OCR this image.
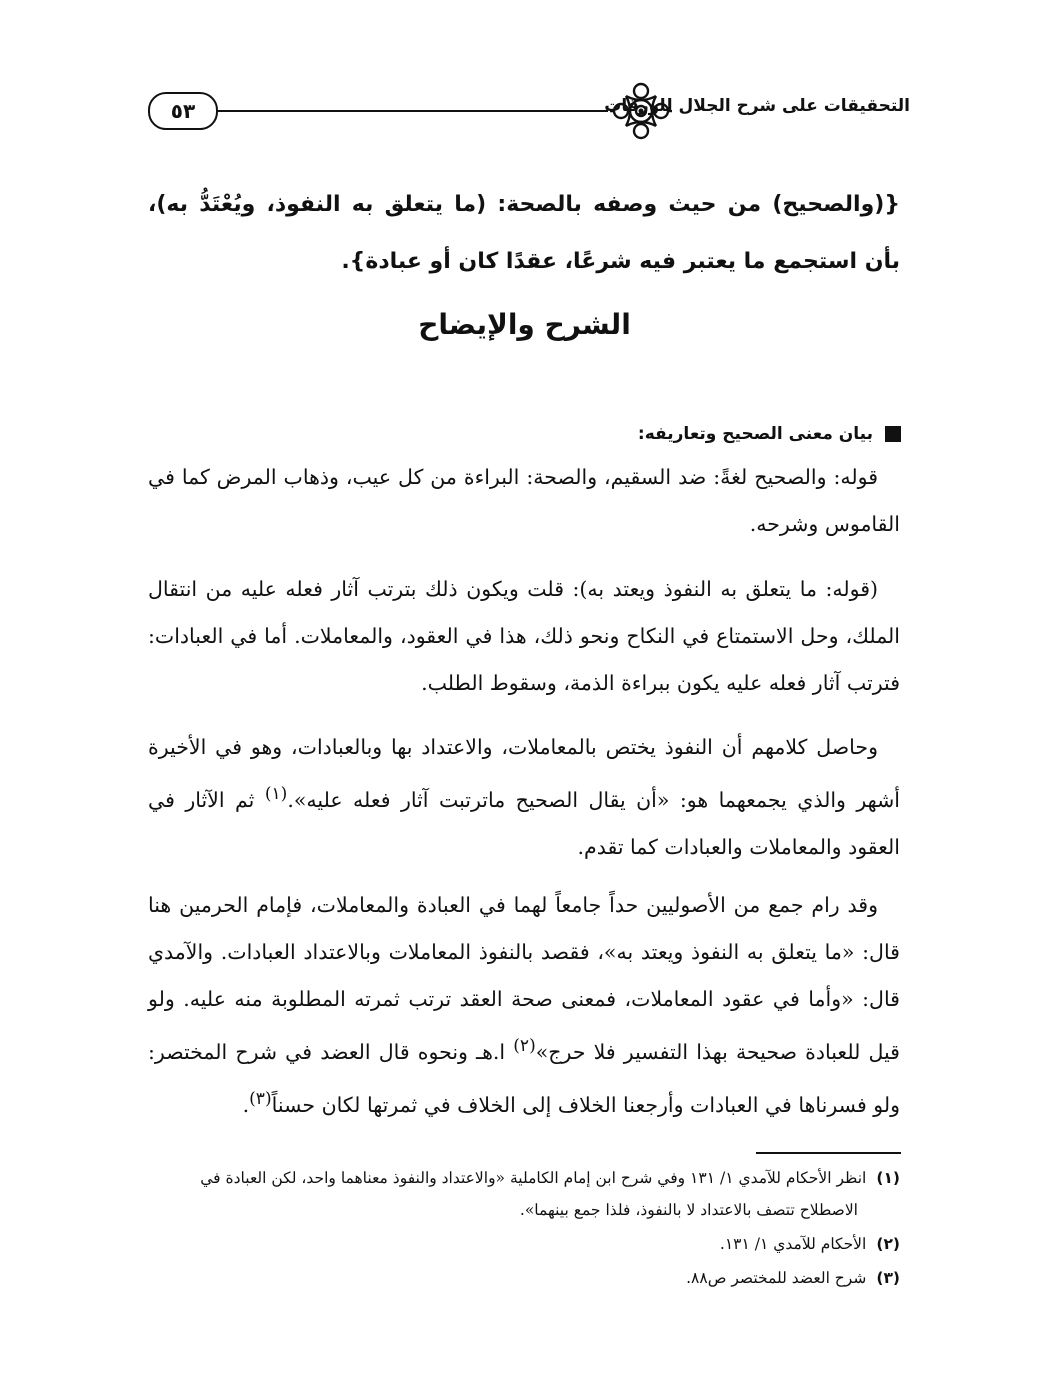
٥٣	التحقيقات على شرح الجلال للورقات
{(والصحيح) من حيث وصفه بالصحة: (ما يتعلق به النفوذ، ويُعْتَدُّ به)، بأن استجمع ما يعتبر فيه شرعًا، عقدًا كان أو عبادة}.
الشرح والإيضاح
بيان معنى الصحيح وتعاريفه:
قوله: والصحيح لغةً: ضد السقيم، والصحة: البراءة من كل عيب، وذهاب المرض كما في القاموس وشرحه.
(قوله: ما يتعلق به النفوذ ويعتد به): قلت ويكون ذلك بترتب آثار فعله عليه من انتقال الملك، وحل الاستمتاع في النكاح ونحو ذلك، هذا في العقود، والمعاملات. أما في العبادات: فترتب آثار فعله عليه يكون ببراءة الذمة، وسقوط الطلب.
وحاصل كلامهم أن النفوذ يختص بالمعاملات، والاعتداد بها وبالعبادات، وهو في الأخيرة أشهر والذي يجمعهما هو: «أن يقال الصحيح ماترتبت آثار فعله عليه».$^{(١)}$ ثم الآثار في العقود والمعاملات والعبادات كما تقدم.
وقد رام جمع من الأصوليين حداً جامعاً لهما في العبادة والمعاملات، فإمام الحرمين هنا قال: «ما يتعلق به النفوذ ويعتد به»، فقصد بالنفوذ المعاملات وبالاعتداد العبادات. والآمدي قال: «وأما في عقود المعاملات، فمعنى صحة العقد ترتب ثمرته المطلوبة منه عليه. ولو قيل للعبادة صحيحة بهذا التفسير فلا حرج»$^{(٢)}$ ا.هـ ونحوه قال العضد في شرح المختصر: ولو فسرناها في العبادات وأرجعنا الخلاف إلى الخلاف في ثمرتها لكان حسناً$^{(٣)}$.
(١)انظر الأحكام للآمدي ١/ ١٣١ وفي شرح ابن إمام الكاملية «والاعتداد والنفوذ معناهما واحد، لكن العبادة في
الاصطلاح تتصف بالاعتداد لا بالنفوذ، فلذا جمع بينهما».
(٢)الأحكام للآمدي ١/ ١٣١.
(٣)شرح العضد للمختصر ص٨٨.
